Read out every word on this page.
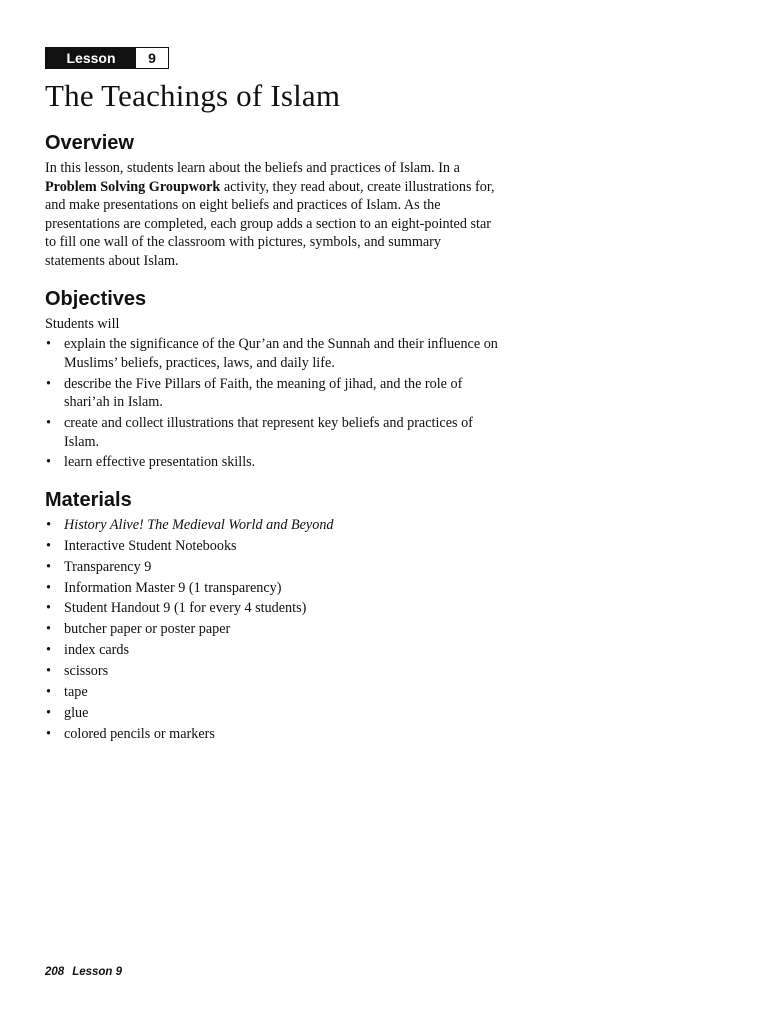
Lesson	9
The Teachings of Islam
Overview

In this lesson, students learn about the beliefs and practices of Islam. In a Problem Solving Groupwork activity, they read about, create illustrations for, and make presentations on eight beliefs and practices of Islam. As the presentations are completed, each group adds a section to an eight-pointed star to fill one wall of the classroom with pictures, symbols, and summary statements about Islam.

Objectives

Students will

• explain the significance of the Qur’an and the Sunnah and their influence on Muslims’ beliefs, practices, laws, and daily life.
• describe the Five Pillars of Faith, the meaning of jihad, and the role of shari’ah in Islam.
• create and collect illustrations that represent key beliefs and practices of Islam.
• learn effective presentation skills.
Materials
• History Alive! The Medieval World and Beyond
• Interactive Student Notebooks
• Transparency 9
• Information Master 9 (1 transparency)
• Student Handout 9 (1 for every 4 students)
• butcher paper or poster paper
• index cards
• scissors
• tape
• glue
• colored pencils or markers
208 Lesson 9
